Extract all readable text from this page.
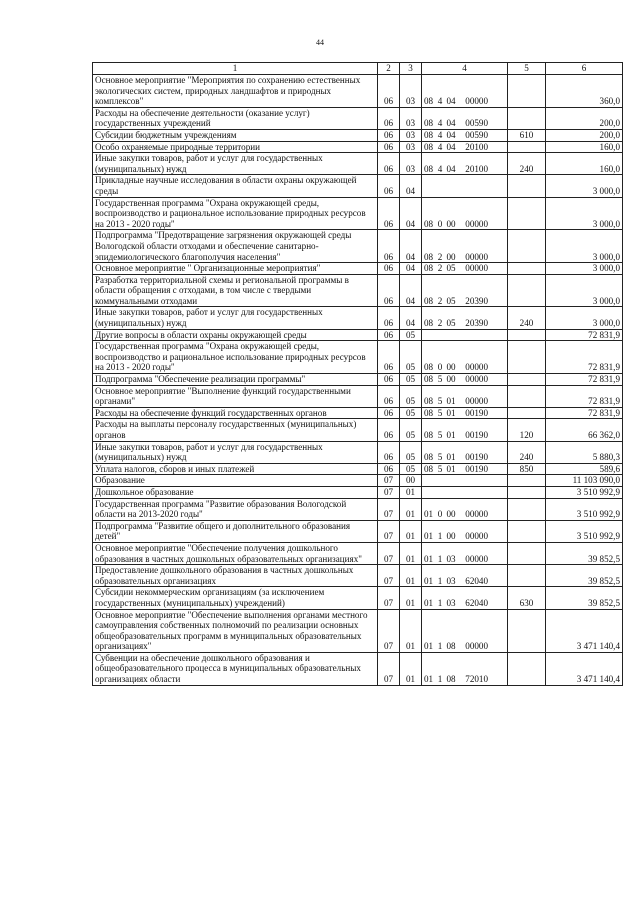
44
1	2	3	4	5	6
Основное мероприятие "Мероприятия по сохранению естественных экологических систем, природных ландшафтов и природных комплексов"	06	03	08 4 04 00000		360,0
Расходы на обеспечение деятельности (оказание услуг) государственных учреждений	06	03	08 4 04 00590		200,0
Субсидии бюджетным учреждениям	06	03	08 4 04 00590	610	200,0
Особо охраняемые природные территории	06	03	08 4 04 20100		160,0
Иные закупки товаров, работ и услуг для государственных (муниципальных) нужд	06	03	08 4 04 20100	240	160,0
Прикладные научные исследования в области охраны окружающей среды	06	04			3 000,0
Государственная программа "Охрана окружающей среды, воспроизводство и рациональное использование природных ресурсов на 2013 - 2020 годы"	06	04	08 0 00 00000		3 000,0
Подпрограмма "Предотвращение загрязнения окружающей среды Вологодской области отходами и обеспечение санитарно-эпидемиологического благополучия населения"	06	04	08 2 00 00000		3 000,0
Основное мероприятие " Организационные мероприятия"	06	04	08 2 05 00000		3 000,0
Разработка территориальной схемы и регионaльной программы в области обращения с отходами, в том числе с твердыми коммунальными отходами	06	04	08 2 05 20390		3 000,0
Иные закупки товаров, работ и услуг для государственных (муниципальных) нужд	06	04	08 2 05 20390	240	3 000,0
Другие вопросы в области охраны окружающей среды	06	05			72 831,9
Государственная программа "Охрана окружающей среды, воспроизводство и рациональное использование природных ресурсов на 2013 - 2020 годы"	06	05	08 0 00 00000		72 831,9
Подпрограмма "Обеспечение реализации программы"	06	05	08 5 00 00000		72 831,9
Основное мероприятие "Выполнение функций государственными органами"	06	05	08 5 01 00000		72 831,9
Расходы на обеспечение функций государственных органов	06	05	08 5 01 00190		72 831,9
Расходы на выплаты персоналу государственных (муниципальных) органов	06	05	08 5 01 00190	120	66 362,0
Иные закупки товаров, работ и услуг для государственных (муниципальных) нужд	06	05	08 5 01 00190	240	5 880,3
Уплата налогов, сборов и иных платежей	06	05	08 5 01 00190	850	589,6
Образование	07	00			11 103 090,0
Дошкольное образование	07	01			3 510 992,9
Государственная программа "Развитие образования Вологодской области на 2013-2020 годы"	07	01	01 0 00 00000		3 510 992,9
Подпрограмма "Развитие общего и дополнительного образования детей"	07	01	01 1 00 00000		3 510 992,9
Основное мероприятие "Обеспечение получения дошкольного образования в частных дошкольных образовательных организациях"	07	01	01 1 03 00000		39 852,5
Предоставление дошкольного образования в частных дошкольных образовательных организациях	07	01	01 1 03 62040		39 852,5
Субсидии некоммерческим организациям (за исключением государственных (муниципальных) учреждений)	07	01	01 1 03 62040	630	39 852,5
Основное мероприятие "Обеспечение выполнения органами местного самоуправления собственных полномочий по реализации основных общеобразовательных программ в муниципальных образовательных организациях"	07	01	01 1 08 00000		3 471 140,4
Субвенции на обеспечение дошкольного образования и общеобразовательного процесса в муниципальных образовательных организациях области	07	01	01 1 08 72010		3 471 140,4
